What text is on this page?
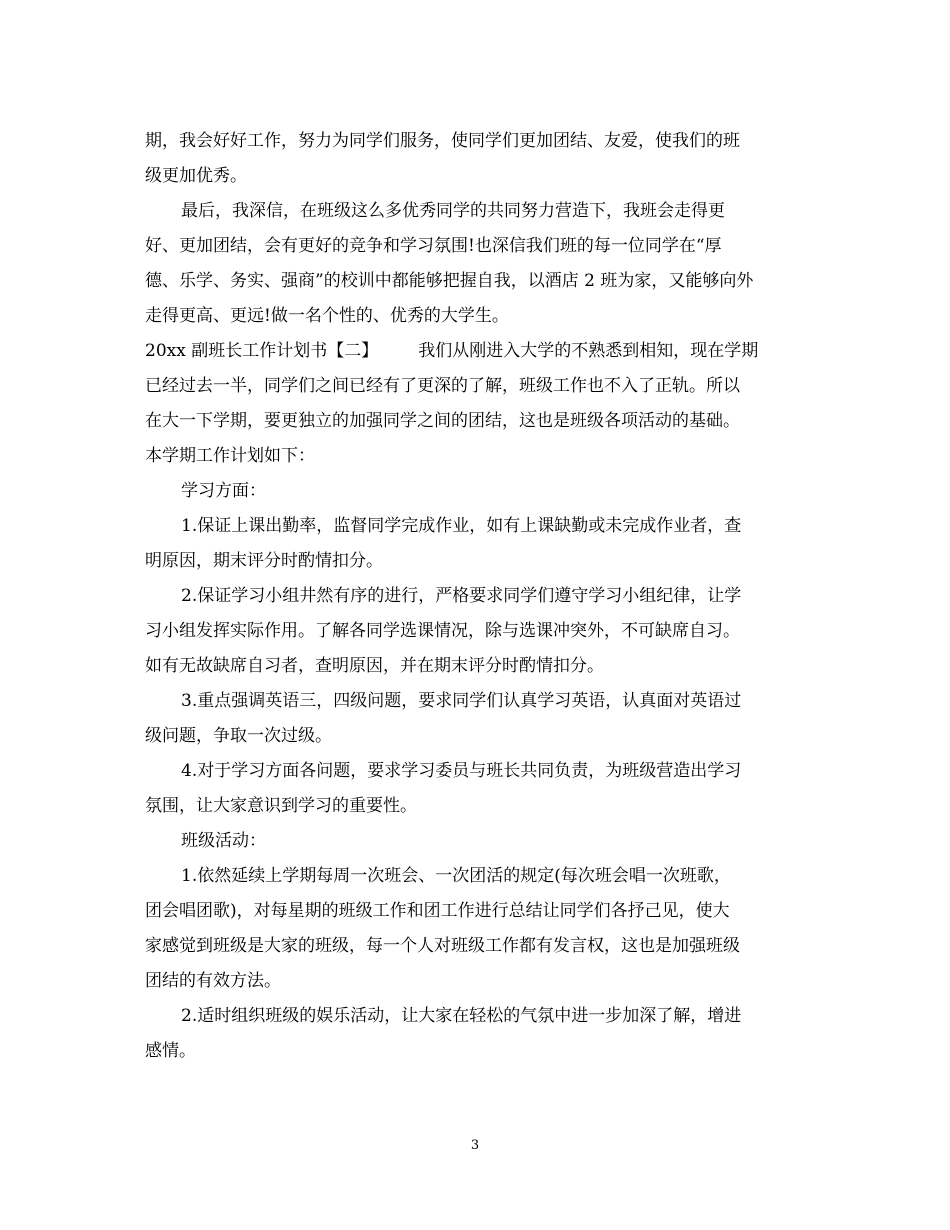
期，我会好好工作，努力为同学们服务，使同学们更加团结、友爱，使我们的班
级更加优秀。
最后，我深信，在班级这么多优秀同学的共同努力营造下，我班会走得更
好、更加团结，会有更好的竞争和学习氛围!也深信我们班的每一位同学在“厚
德、乐学、务实、强商”的校训中都能够把握自我，以酒店 2 班为家，又能够向外
走得更高、更远!做一名个性的、优秀的大学生。
20xx 副班长工作计划书【二】 我们从刚进入大学的不熟悉到相知，现在学期
已经过去一半，同学们之间已经有了更深的了解，班级工作也不入了正轨。所以
在大一下学期，要更独立的加强同学之间的团结，这也是班级各项活动的基础。
本学期工作计划如下：
学习方面：
1.保证上课出勤率，监督同学完成作业，如有上课缺勤或未完成作业者，查
明原因，期末评分时酌情扣分。
2.保证学习小组井然有序的进行，严格要求同学们遵守学习小组纪律，让学
习小组发挥实际作用。了解各同学选课情况，除与选课冲突外，不可缺席自习。
如有无故缺席自习者，查明原因，并在期末评分时酌情扣分。
3.重点强调英语三，四级问题，要求同学们认真学习英语，认真面对英语过
级问题，争取一次过级。
4.对于学习方面各问题，要求学习委员与班长共同负责，为班级营造出学习
氛围，让大家意识到学习的重要性。
班级活动：
1.依然延续上学期每周一次班会、一次团活的规定(每次班会唱一次班歌，
团会唱团歌)，对每星期的班级工作和团工作进行总结让同学们各抒己见，使大
家感觉到班级是大家的班级，每一个人对班级工作都有发言权，这也是加强班级
团结的有效方法。
2.适时组织班级的娱乐活动，让大家在轻松的气氛中进一步加深了解，增进
感情。
3
